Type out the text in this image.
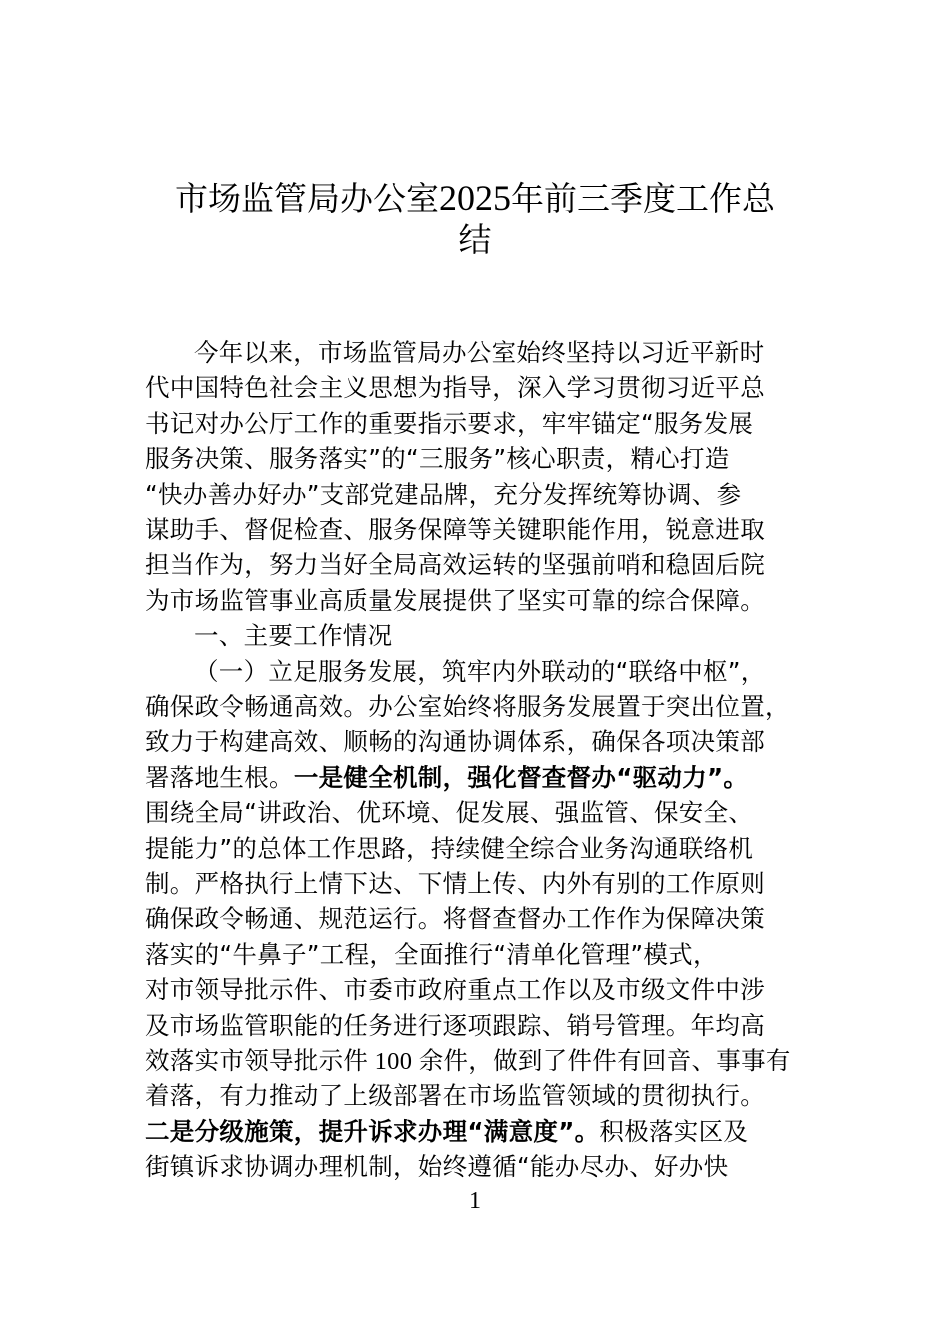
市场监管局办公室2025年前三季度工作总
结
今年以来，市场监管局办公室始终坚持以习近平新时
代中国特色社会主义思想为指导，深入学习贯彻习近平总
书记对办公厅工作的重要指示要求，牢牢锚定“服务发展
服务决策、服务落实”的“三服务”核心职责，精心打造
“快办善办好办”支部党建品牌，充分发挥统筹协调、参
谋助手、督促检查、服务保障等关键职能作用，锐意进取
担当作为，努力当好全局高效运转的坚强前哨和稳固后院
为市场监管事业高质量发展提供了坚实可靠的综合保障。
一、主要工作情况
（一）立足服务发展，筑牢内外联动的“联络中枢”，
确保政令畅通高效。办公室始终将服务发展置于突出位置，
致力于构建高效、顺畅的沟通协调体系，确保各项决策部
署落地生根。一是健全机制，强化督查督办“驱动力”。
围绕全局“讲政治、优环境、促发展、强监管、保安全、
提能力”的总体工作思路，持续健全综合业务沟通联络机
制。严格执行上情下达、下情上传、内外有别的工作原则
确保政令畅通、规范运行。将督查督办工作作为保障决策
落实的“牛鼻子”工程，全面推行“清单化管理”模式，
对市领导批示件、市委市政府重点工作以及市级文件中涉
及市场监管职能的任务进行逐项跟踪、销号管理。年均高
效落实市领导批示件 100 余件，做到了件件有回音、事事有
着落，有力推动了上级部署在市场监管领域的贯彻执行。
二是分级施策，提升诉求办理“满意度”。积极落实区及
街镇诉求协调办理机制，始终遵循“能办尽办、好办快
1
